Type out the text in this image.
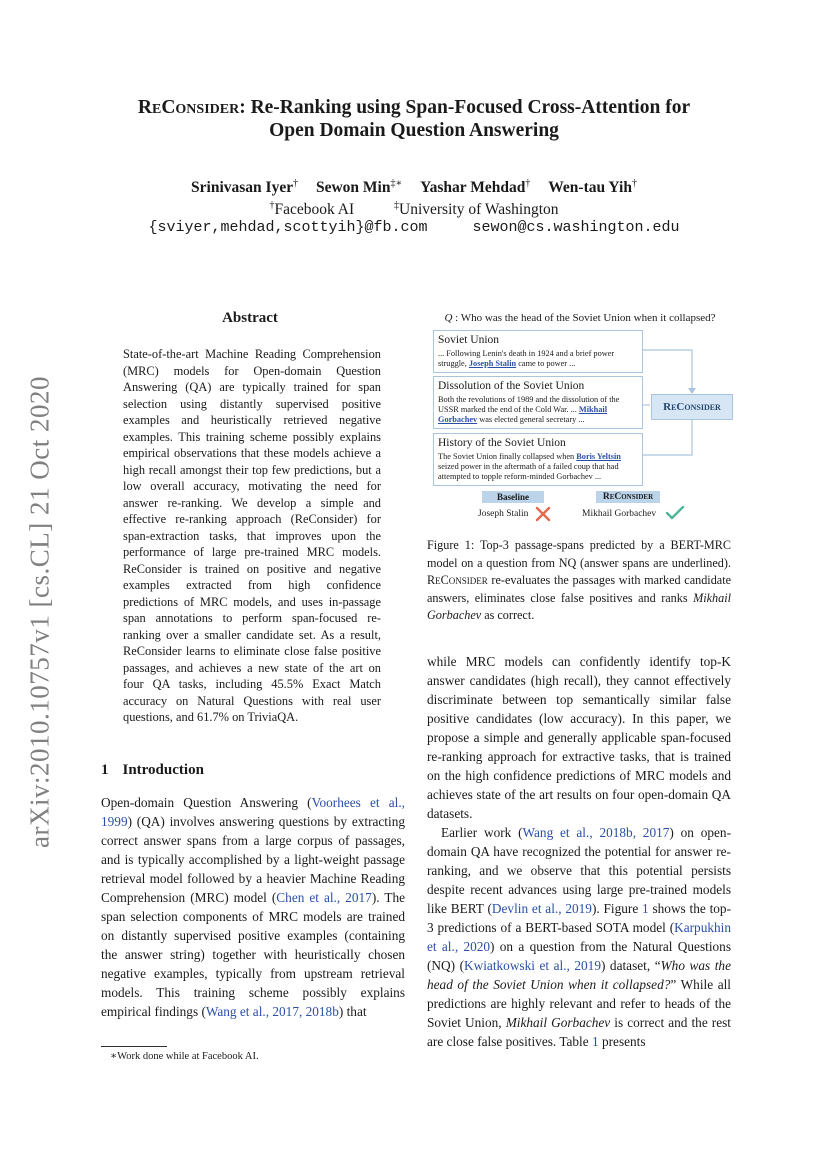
ReConsider: Re-Ranking using Span-Focused Cross-Attention for
Open Domain Question Answering
Srinivasan Iyer† Sewon Min‡∗ Yashar Mehdad† Wen-tau Yih†
†Facebook AI	‡University of Washington
{sviyer,mehdad,scottyih}@fb.com	sewon@cs.washington.edu
arXiv:2010.10757v1 [cs.CL] 21 Oct 2020
Abstract
State-of-the-art Machine Reading Comprehension (MRC) models for Open-domain Question Answering (QA) are typically trained for span selection using distantly supervised positive examples and heuristically retrieved negative examples. This training scheme possibly explains empirical observations that these models achieve a high recall amongst their top few predictions, but a low overall accuracy, motivating the need for answer re-ranking. We develop a simple and effective re-ranking approach (ReConsider) for span-extraction tasks, that improves upon the performance of large pre-trained MRC models. ReConsider is trained on positive and negative examples extracted from high confidence predictions of MRC models, and uses in-passage span annotations to perform span-focused re-ranking over a smaller candidate set. As a result, ReConsider learns to eliminate close false positive passages, and achieves a new state of the art on four QA tasks, including 45.5% Exact Match accuracy on Natural Questions with real user questions, and 61.7% on TriviaQA.
1 Introduction
Open-domain Question Answering (Voorhees et al., 1999) (QA) involves answering questions by extracting correct answer spans from a large corpus of passages, and is typically accomplished by a light-weight passage retrieval model followed by a heavier Machine Reading Comprehension (MRC) model (Chen et al., 2017). The span selection components of MRC models are trained on distantly supervised positive examples (containing the answer string) together with heuristically chosen negative examples, typically from upstream retrieval models. This training scheme possibly explains empirical findings (Wang et al., 2017, 2018b) that
∗Work done while at Facebook AI.
Q : Who was the head of the Soviet Union when it collapsed?
Soviet Union
... Following Lenin's death in 1924 and a brief power struggle, Joseph Stalin came to power ...
Dissolution of the Soviet Union
Both the revolutions of 1989 and the dissolution of the USSR marked the end of the Cold War. ... Mikhail Gorbachev was elected general secretary ...
History of the Soviet Union
The Soviet Union finally collapsed when Boris Yeltsin seized power in the aftermath of a failed coup that had attempted to topple reform-minded Gorbachev ...
ReConsider
Baseline	ReConsider
Joseph Stalin	Mikhail Gorbachev
Figure 1: Top-3 passage-spans predicted by a BERT-MRC model on a question from NQ (answer spans are underlined). ReConsider re-evaluates the passages with marked candidate answers, eliminates close false positives and ranks Mikhail Gorbachev as correct.

while MRC models can confidently identify top-K answer candidates (high recall), they cannot effectively discriminate between top semantically similar false positive candidates (low accuracy). In this paper, we propose a simple and generally applicable span-focused re-ranking approach for extractive tasks, that is trained on the high confidence predictions of MRC models and achieves state of the art results on four open-domain QA datasets.

Earlier work (Wang et al., 2018b, 2017) on open-domain QA have recognized the potential for answer re-ranking, and we observe that this potential persists despite recent advances using large pre-trained models like BERT (Devlin et al., 2019). Figure 1 shows the top-3 predictions of a BERT-based SOTA model (Karpukhin et al., 2020) on a question from the Natural Questions (NQ) (Kwiatkowski et al., 2019) dataset, “Who was the head of the Soviet Union when it collapsed?” While all predictions are highly relevant and refer to heads of the Soviet Union, Mikhail Gorbachev is correct and the rest are close false positives. Table 1 presents
